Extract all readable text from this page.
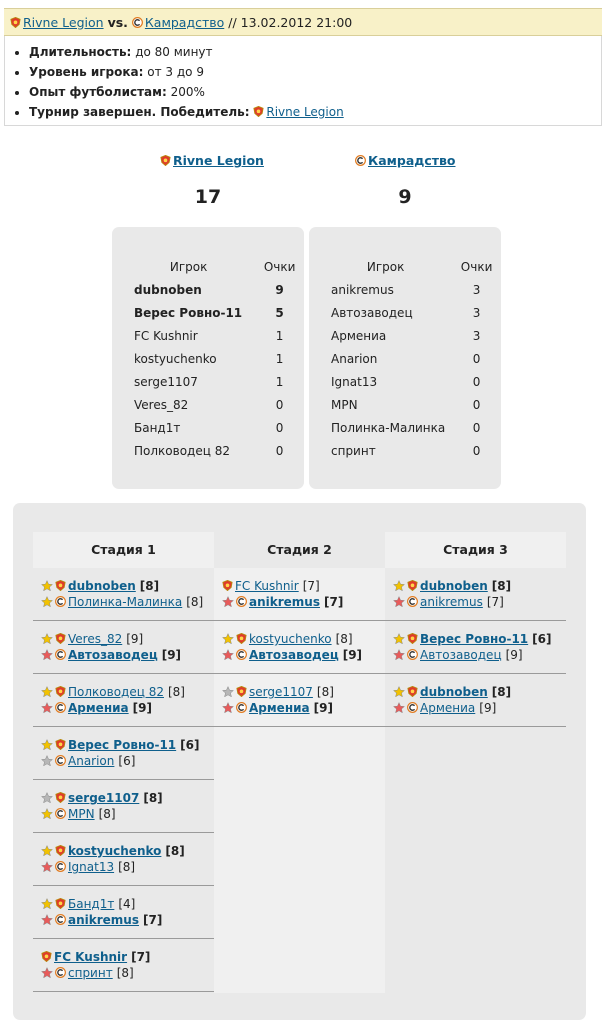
Rivne Legion vs. Камрадство // 13.02.2012 21:00
• Длительность: до 80 минут
• Уровень игрока: от 3 до 9
• Опыт футболистам: 200%
• Турнир завершен. Победитель: Rivne Legion
Rivne Legion	Камрадство
17	9
Игрок	Очки
dubnoben	9
Верес Ровно-11	5
FC Kushnir	1
kostyuchenko	1
serge1107	1
Veres_82	0
Банд1т	0
Полководец 82	0
Игрок	Очки
anikremus	3
Автозаводец	3
Армениа	3
Anarion	0
Ignat13	0
MPN	0
Полинка-Малинка	0
спринт	0
Стадия 1
dubnoben [8]
Полинка-Малинка [8]
Veres_82 [9]
Автозаводец [9]
Полководец 82 [8]
Армениа [9]
Верес Ровно-11 [6]
Anarion [6]
serge1107 [8]
MPN [8]
kostyuchenko [8]
Ignat13 [8]
Банд1т [4]
anikremus [7]
FC Kushnir [7]
спринт [8]
Стадия 2
FC Kushnir [7]
anikremus [7]
kostyuchenko [8]
Автозаводец [9]
serge1107 [8]
Армениа [9]
Стадия 3
dubnoben [8]
anikremus [7]
Верес Ровно-11 [6]
Автозаводец [9]
dubnoben [8]
Армениа [9]
